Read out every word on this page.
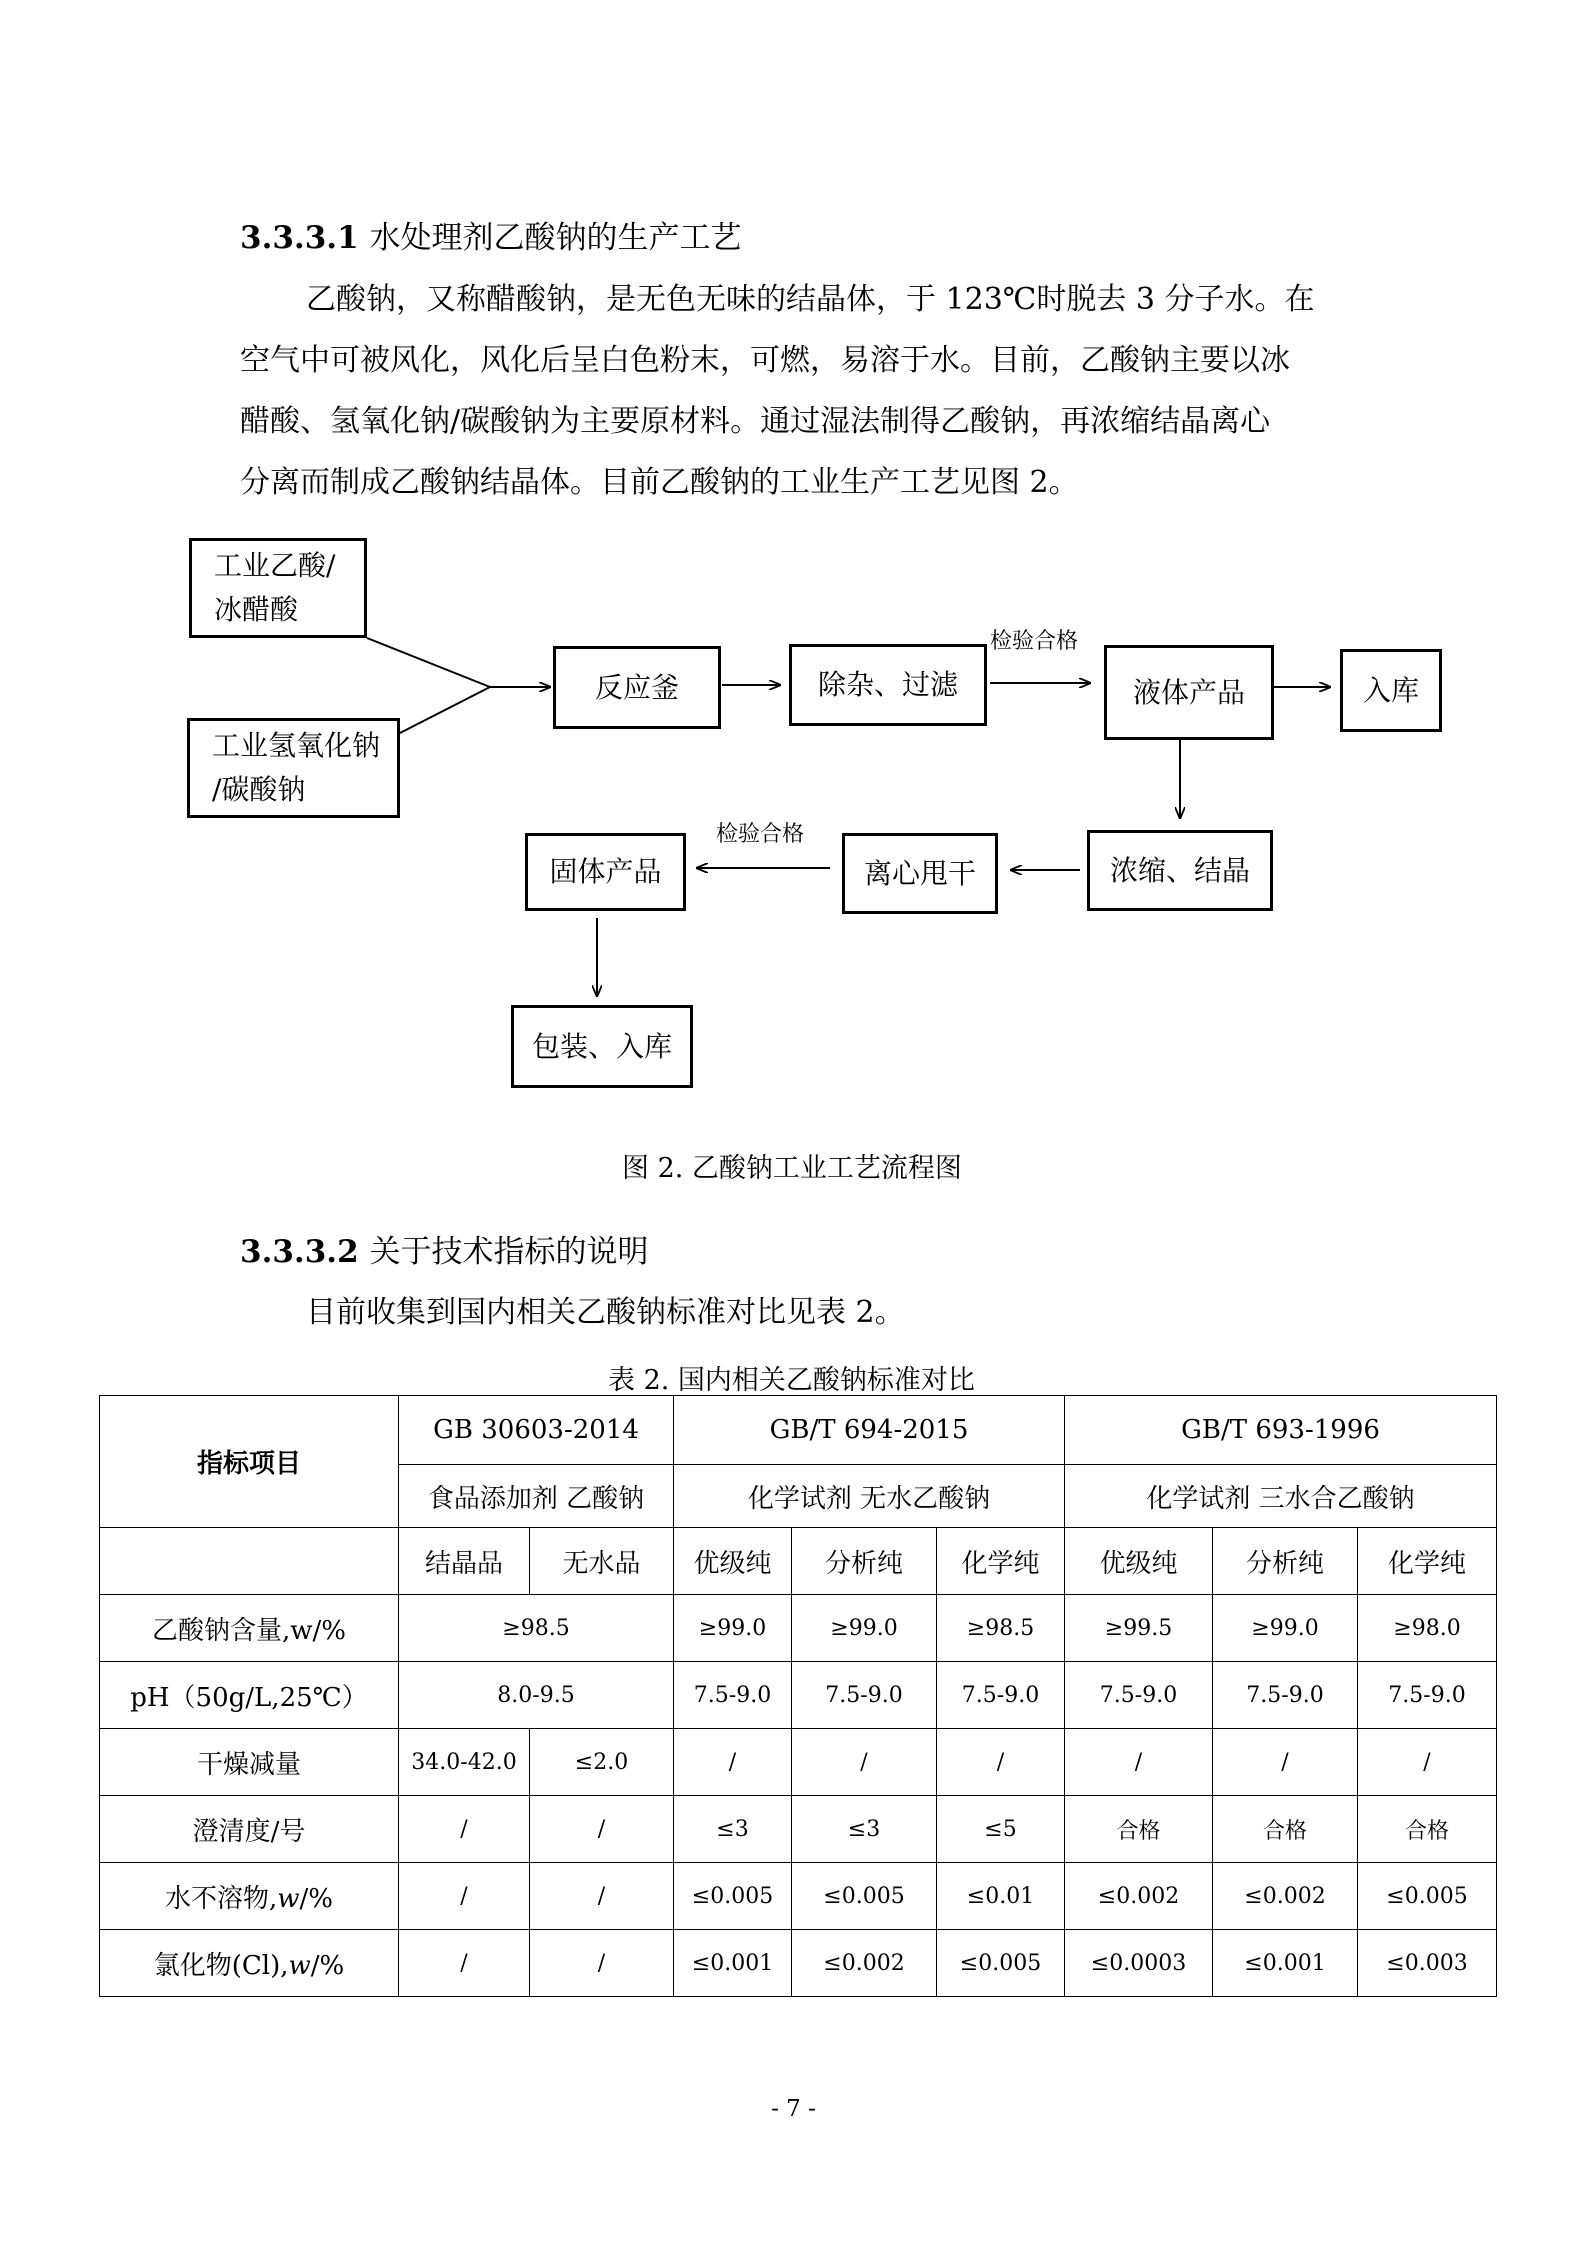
3.3.3.1 水处理剂乙酸钠的生产工艺
乙酸钠，又称醋酸钠，是无色无味的结晶体，于 123℃时脱去 3 分子水。在
空气中可被风化，风化后呈白色粉末，可燃，易溶于水。目前，乙酸钠主要以冰
醋酸、氢氧化钠/碳酸钠为主要原材料。通过湿法制得乙酸钠，再浓缩结晶离心
分离而制成乙酸钠结晶体。目前乙酸钠的工业生产工艺见图 2。
工业乙酸/
冰醋酸
工业氢氧化钠
/碳酸钠
反应釜	除杂、过滤	液体产品	入库
浓缩、结晶
离心甩干
固体产品
包装、入库
检验合格
检验合格
图 2. 乙酸钠工业工艺流程图
3.3.3.2 关于技术指标的说明
目前收集到国内相关乙酸钠标准对比见表 2。
表 2. 国内相关乙酸钠标准对比
指标项目	GB 30603-2014		GB/T 694-2015			GB/T 693-1996		
	食品添加剂 乙酸钠		化学试剂 无水乙酸钠			化学试剂 三水合乙酸钠		
	结晶品	无水品	优级纯	分析纯	化学纯	优级纯	分析纯	化学纯
乙酸钠含量,w/%	≥98.5		≥99.0	≥99.0	≥98.5	≥99.5	≥99.0	≥98.0
pH（50g/L,25℃）	8.0-9.5		7.5-9.0	7.5-9.0	7.5-9.0	7.5-9.0	7.5-9.0	7.5-9.0
干燥减量	34.0-42.0	≤2.0	/	/	/	/	/	/
澄清度/号	/	/	≤3	≤3	≤5	合格	合格	合格
水不溶物,w/%	/	/	≤0.005	≤0.005	≤0.01	≤0.002	≤0.002	≤0.005
氯化物(Cl),w/%	/	/	≤0.001	≤0.002	≤0.005	≤0.0003	≤0.001	≤0.003
- 7 -
